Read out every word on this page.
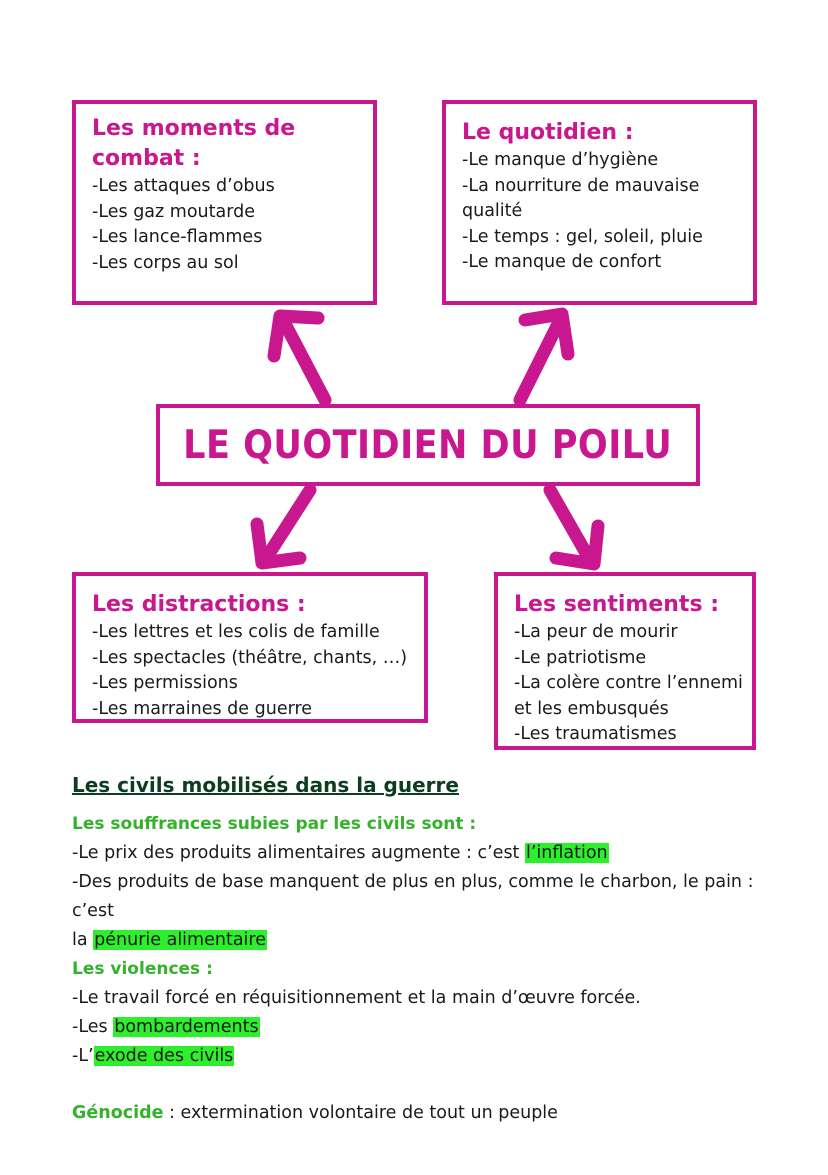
Les moments de

combat :

-Les attaques d’obus

-Les gaz moutarde

-Les lance-flammes

-Les corps au sol

Le quotidien :

-Le manque d’hygiène

-La nourriture de mauvaise

qualité

-Le temps : gel, soleil, pluie

-Le manque de confort

LE QUOTIDIEN DU POILU

Les distractions :

-Les lettres et les colis de famille

-Les spectacles (théâtre, chants, …)

-Les permissions

-Les marraines de guerre

Les sentiments :

-La peur de mourir

-Le patriotisme

-La colère contre l’ennemi

et les embusqués

-Les traumatismes

Les civils mobilisés dans la guerre

Les souffrances subies par les civils sont :

-Le prix des produits alimentaires augmente : c’est l’inflation

-Des produits de base manquent de plus en plus, comme le charbon, le pain : c’est

la pénurie alimentaire

Les violences :

-Le travail forcé en réquisitionnement et la main d’œuvre forcée.

-Les bombardements

-L’exode des civils

Génocide : extermination volontaire de tout un peuple
